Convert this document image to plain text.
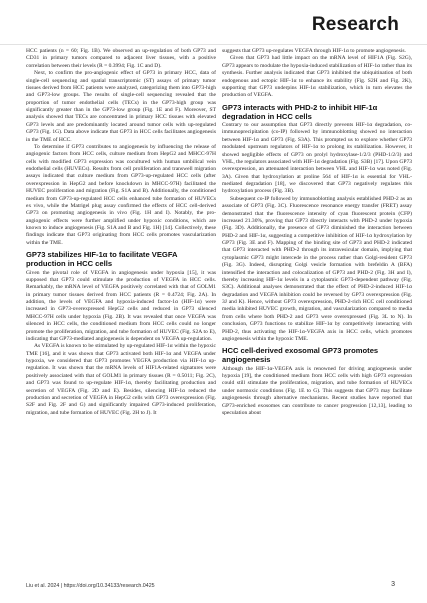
Research

HCC patients (n = 60; Fig. 1B). We observed an up-regulation of both GP73 and CD31 in primary tumors compared to adjacent liver tissues, with a positive correlation between their levels (R = 0.3994; Fig. 1C and D).

Next, to confirm the pro-angiogenic effect of GP73 in primary HCC, data of single-cell sequencing and spatial transcriptomic (ST) assays of primary tumor tissues derived from HCC patients were analyzed, categorizing them into GP73-high and GP73-low groups. The results of single-cell sequencing revealed that the proportion of tumor endothelial cells (TECs) in the GP73-high group was significantly greater than in the GP73-low group (Fig. 1E and F). Moreover, ST analysis showed that TECs are concentrated in primary HCC tissues with elevated GP73 levels and are predominantly located around tumor cells with up-regulated GP73 (Fig. 1G). Data above indicate that GP73 in HCC cells facilitates angiogenesis in the TME of HCC.

To determine if GP73 contributes to angiogenesis by influencing the release of angiogenic factors from HCC cells, culture medium from HepG2 and MHCC-97H cells with modified GP73 expression was cocultured with human umbilical vein endothelial cells (HUVECs). Results from cell proliferation and transwell migration assays indicated that culture medium from GP73-up-regulated HCC cells (after overexpression in HepG2 and before knockdown in MHCC-97H) facilitated the HUVEC proliferation and migration (Fig. S1A and B). Additionally, the conditioned medium from GP73-up-regulated HCC cells enhanced tube formation of HUVECs ex vivo, while the Matrigel plug assay confirmed the effects of HCC cell-derived GP73 on promoting angiogenesis in vivo (Fig. 1H and I). Notably, the pro-angiogenic effects were further amplified under hypoxic conditions, which are known to induce angiogenesis (Fig. S1A and B and Fig. 1H) [14]. Collectively, these findings indicate that GP73 originating from HCC cells promotes vascularization within the TME.

GP73 stabilizes HIF-1α to facilitate VEGFA production in HCC cells

Given the pivotal role of VEGFA in angiogenesis under hypoxia [15], it was supposed that GP73 could stimulate the production of VEGFA in HCC cells. Remarkably, the mRNA level of VEGFA positively correlated with that of GOLM1 in primary tumor tissues derived from HCC patients (R = 0.4724; Fig. 2A). In addition, the levels of VEGFA and hypoxia-induced factor-1α (HIF-1α) were increased in GP73-overexpressed HepG2 cells and reduced in GP73 silenced MHCC-97H cells under hypoxia (Fig. 2B). It was revealed that once VEGFA was silenced in HCC cells, the conditioned medium from HCC cells could no longer promote the proliferation, migration, and tube formation of HUVEC (Fig. S2A to E), indicating that GP73-mediated angiogenesis is dependent on VEGFA up-regulation.

As VEGFA is known to be stimulated by up-regulated HIF-1α within the hypoxic TME [16], and it was shown that GP73 activated both HIF-1α and VEGFA under hypoxia, we considered that GP73 promotes VEGFA production via HIF-1α up-regulation. It was shown that the mRNA levels of HIF1A-related signatures were positively associated with that of GOLM1 in primary tissues (R = 0.5011; Fig. 2C), and GP73 was found to up-regulate HIF-1α, thereby facilitating production and secretion of VEGFA (Fig. 2D and E). Besides, silencing HIF-1α reduced the production and secretion of VEGFA in HepG2 cells with GP73 overexpression (Fig. S2F and Fig. 2F and G) and significantly impaired GP73-induced proliferation, migration, and tube formation of HUVEC (Fig. 2H to J). It

suggests that GP73 up-regulates VEGFA through HIF-1α to promote angiogenesis.

Given that GP73 had little impact on the mRNA level of HIF1A (Fig. S2G), GP73 appears to modulate the hypoxia-induced stabilization of HIF-1α rather than its synthesis. Further analysis indicated that GP73 inhibited the ubiquitination of both endogenous and ectopic HIF-1α to enhance its stability (Fig. S2H and Fig. 2K), supporting that GP73 underpins HIF-1α stabilization, which in turn elevates the production of VEGFA.

GP73 interacts with PHD-2 to inhibit HIF-1α degradation in HCC cells

Contrary to our assumption that GP73 directly prevents HIF-1α degradation, co-immunoprecipitation (co-IP) followed by immunoblotting showed no interaction between HIF-1α and GP73 (Fig. S3A). This prompted us to explore whether GP73 modulated upstream regulators of HIF-1α to prolong its stabilization. However, it showed negligible effects of GP73 on prolyl hydroxylase-1/2/3 (PHD-1/2/3) and VHL, the regulators associated with HIF-1α degradation (Fig. S3B) [17]. Upon GP73 overexpression, an attenuated interaction between VHL and HIF-1α was noted (Fig. 3A). Given that hydroxylation at proline 564 of HIF-1α is essential for VHL-mediated degradation [18], we discovered that GP73 negatively regulates this hydroxylation process (Fig. 3B).

Subsequent co-IP followed by immunoblotting analysis established PHD-2 as an associate of GP73 (Fig. 3C). Fluorescence resonance energy transfer (FRET) assay demonstrated that the fluorescence intensity of cyan fluorescent protein (CFP) increased 21.30%, proving that GP73 directly interacts with PHD-2 under hypoxia (Fig. 3D). Additionally, the presence of GP73 diminished the interaction between PHD-2 and HIF-1α, suggesting a competitive inhibition of HIF-1α hydroxylation by GP73 (Fig. 3E and F). Mapping of the binding site of GP73 and PHD-2 indicated that GP73 interacted with PHD-2 through its intravesicular domain, implying that cytoplasmic GP73 might intercede in the process rather than Golgi-resident GP73 (Fig. 3G). Indeed, disrupting Golgi vesicle formation with brefeldin A (BFA) intensified the interaction and colocalization of GP73 and PHD-2 (Fig. 3H and I), thereby increasing HIF-1α levels in a cytoplasmic GP73-dependent pathway (Fig. S3C). Additional analyses demonstrated that the effect of PHD-2-induced HIF-1α degradation and VEGFA inhibition could be reversed by GP73 overexpression (Fig. 3J and K). Hence, without GP73 overexpression, PHD-2-rich HCC cell conditioned media inhibited HUVEC growth, migration, and vascularization compared to media from cells where both PHD-2 and GP73 were overexpressed (Fig. 3L to N). In conclusion, GP73 functions to stabilize HIF-1α by competitively interacting with PHD-2, thus activating the HIF-1α-VEGFA axis in HCC cells, which promotes angiogenesis within the hypoxic TME.

HCC cell-derived exosomal GP73 promotes angiogenesis

Although the HIF-1α-VEGFA axis is renowned for driving angiogenesis under hypoxia [19], the conditioned medium from HCC cells with high GP73 expression could still stimulate the proliferation, migration, and tube formation of HUVECs under normoxic conditions (Fig. 1E to G). This suggests that GP73 may facilitate angiogenesis through alternative mechanisms. Recent studies have reported that GP73-enriched exosomes can contribute to cancer progression [12,13], leading to speculation about

Liu et al. 2024 | https://doi.org/10.34133/research.0425	3
